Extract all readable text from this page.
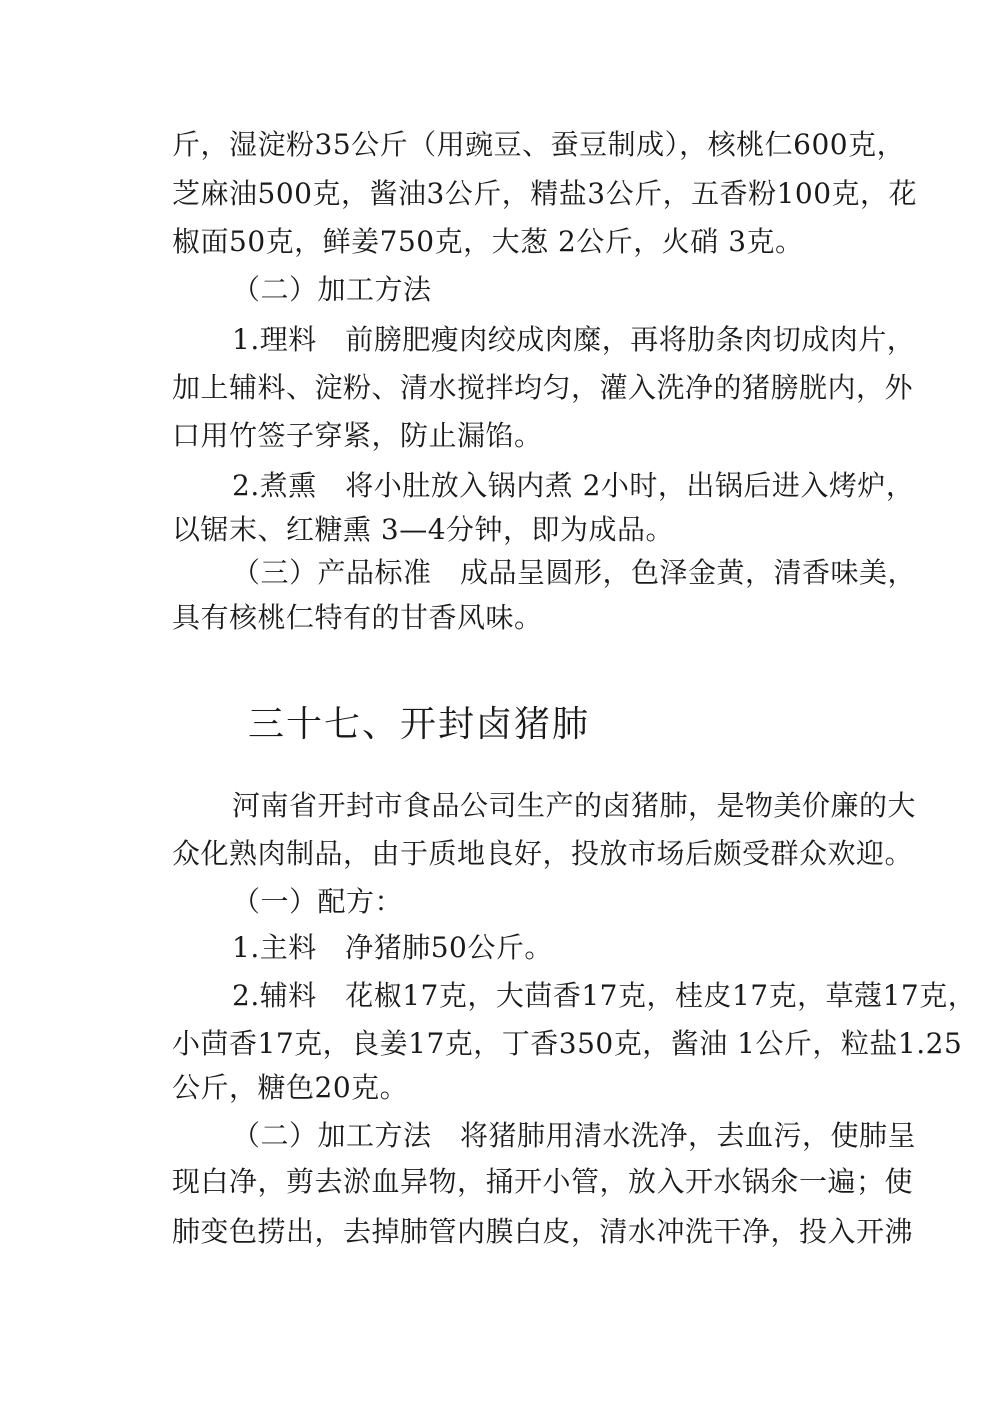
斤，湿淀粉35公斤（用豌豆、蚕豆制成），核桃仁600克，
芝麻油500克，酱油3公斤，精盐3公斤，五香粉100克，花
椒面50克，鲜姜750克，大葱 2公斤，火硝 3克。
（二）加工方法
1.理料　前膀肥瘦肉绞成肉糜，再将肋条肉切成肉片，
加上辅料、淀粉、清水搅拌均匀，灌入洗净的猪膀胱内，外
口用竹签子穿紧，防止漏馅。
2.煮熏　将小肚放入锅内煮 2小时，出锅后进入烤炉，
以锯末、红糖熏 3—4分钟，即为成品。
（三）产品标准　成品呈圆形，色泽金黄，清香味美，
具有核桃仁特有的甘香风味。
三十七、开封卤猪肺
河南省开封市食品公司生产的卤猪肺，是物美价廉的大
众化熟肉制品，由于质地良好，投放市场后颇受群众欢迎。
（一）配方：
1.主料　净猪肺50公斤。
2.辅料　花椒17克，大茴香17克，桂皮17克，草蔻17克，
小茴香17克，良姜17克，丁香350克，酱油 1公斤，粒盐1.25
公斤，糖色20克。
（二）加工方法　将猪肺用清水洗净，去血污，使肺呈
现白净，剪去淤血异物，捅开小管，放入开水锅氽一遍；使
肺变色捞出，去掉肺管内膜白皮，清水冲洗干净，投入开沸
